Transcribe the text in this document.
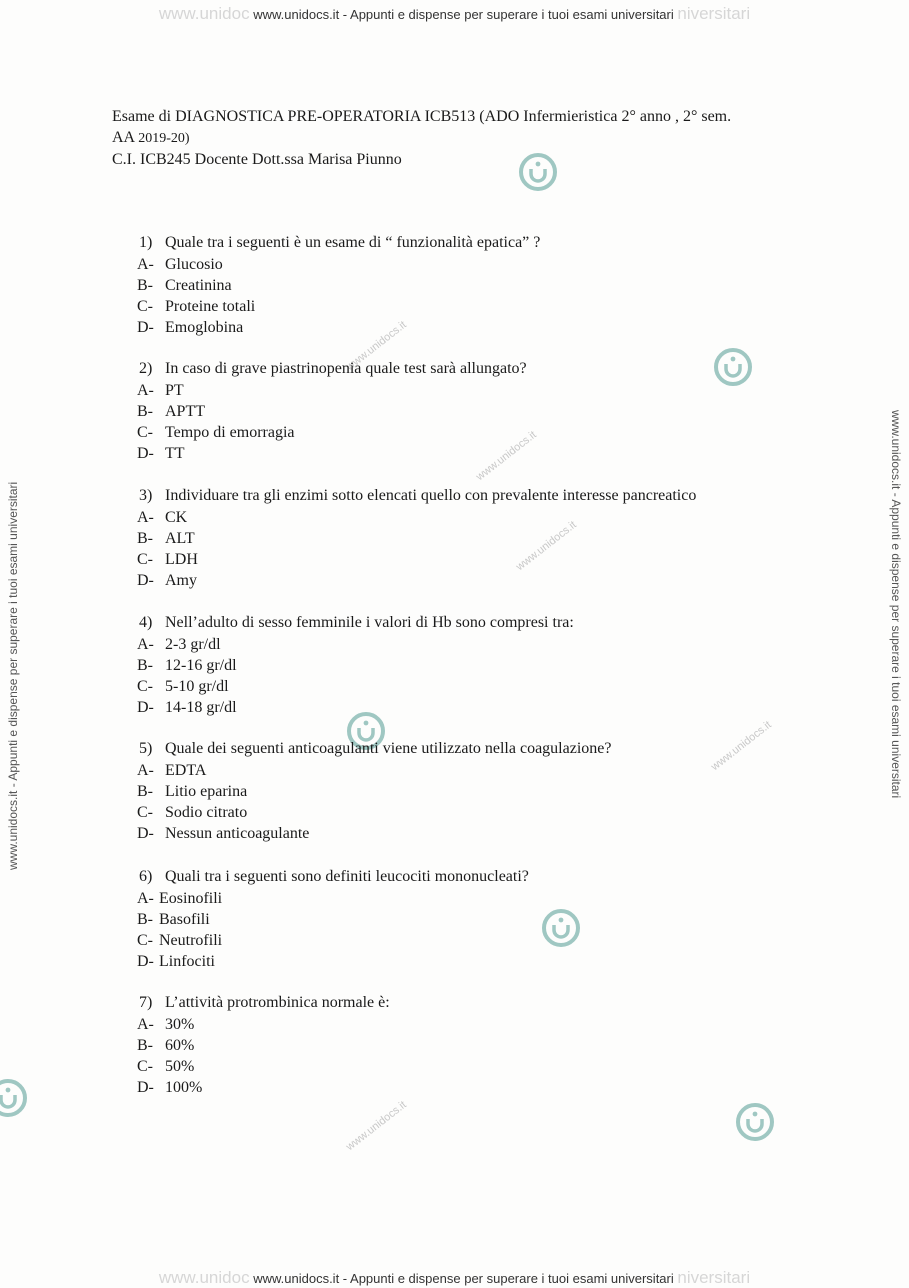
www.unidoc www.unidocs.it - Appunti e dispense per superare i tuoi esami universitari niversitari
www.unidoc www.unidocs.it - Appunti e dispense per superare i tuoi esami universitari niversitari
www.unidocs.it - Appunti e dispense per superare i tuoi esami universitari	www.unidocs.it - Appunti e dispense per superare i tuoi esami universitari
www.unidocs.it
www.unidocs.it
www.unidocs.it
www.unidocs.it
www.unidocs.it
Esame di DIAGNOSTICA PRE-OPERATORIA ICB513 (ADO Infermieristica 2° anno , 2° sem.
AA 2019-20)
C.I. ICB245 Docente Dott.ssa Marisa Piunno
1) Quale tra i seguenti è un esame di “ funzionalità epatica” ?
A- Glucosio
B- Creatinina
C- Proteine totali
D- Emoglobina
2) In caso di grave piastrinopenia quale test sarà allungato?
A- PT
B- APTT
C- Tempo di emorragia
D- TT
3) Individuare tra gli enzimi sotto elencati quello con prevalente interesse pancreatico
A- CK
B- ALT
C- LDH
D- Amy
4) Nell’adulto di sesso femminile i valori di Hb sono compresi tra:
A- 2-3 gr/dl
B- 12-16 gr/dl
C- 5-10 gr/dl
D- 14-18 gr/dl
5) Quale dei seguenti anticoagulanti viene utilizzato nella coagulazione?
A- EDTA
B- Litio eparina
C- Sodio citrato
D- Nessun anticoagulante
6) Quali tra i seguenti sono definiti leucociti mononucleati?
A- Eosinofili
B- Basofili
C- Neutrofili
D- Linfociti
7) L’attività protrombinica normale è:
A- 30%
B- 60%
C- 50%
D- 100%
